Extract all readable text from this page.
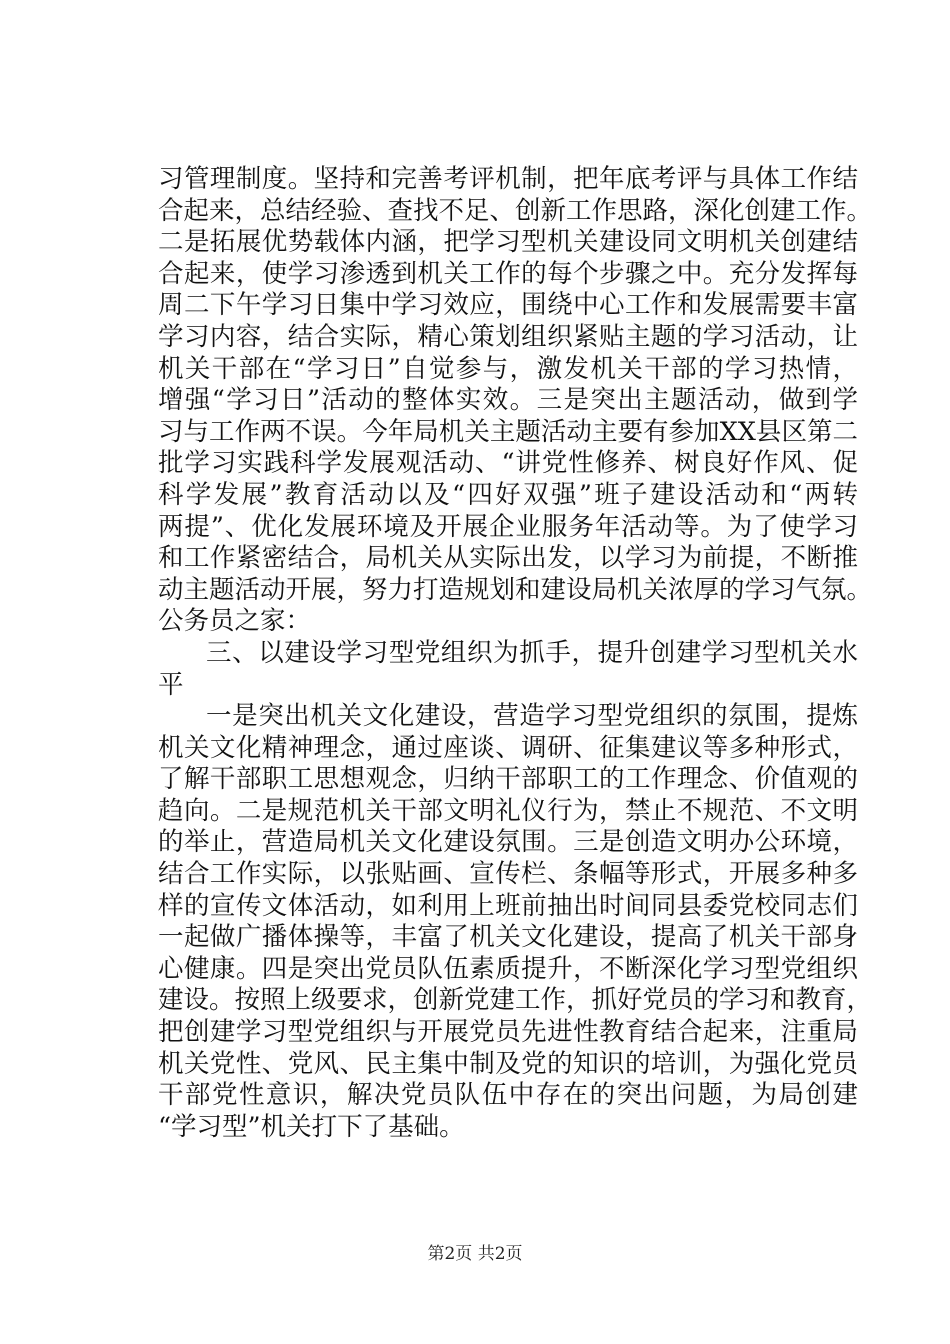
习管理制度。坚持和完善考评机制，把年底考评与具体工作结
合起来，总结经验、查找不足、创新工作思路，深化创建工作。
二是拓展优势载体内涵，把学习型机关建设同文明机关创建结
合起来，使学习渗透到机关工作的每个步骤之中。充分发挥每
周二下午学习日集中学习效应，围绕中心工作和发展需要丰富
学习内容，结合实际，精心策划组织紧贴主题的学习活动，让
机关干部在“学习日”自觉参与，激发机关干部的学习热情，
增强“学习日”活动的整体实效。三是突出主题活动，做到学
习与工作两不误。今年局机关主题活动主要有参加XX县区第二
批学习实践科学发展观活动、“讲党性修养、树良好作风、促
科学发展”教育活动以及“四好双强”班子建设活动和“两转
两提”、优化发展环境及开展企业服务年活动等。为了使学习
和工作紧密结合，局机关从实际出发，以学习为前提，不断推
动主题活动开展，努力打造规划和建设局机关浓厚的学习气氛。
公务员之家：
三、以建设学习型党组织为抓手，提升创建学习型机关水
平
一是突出机关文化建设，营造学习型党组织的氛围，提炼
机关文化精神理念，通过座谈、调研、征集建议等多种形式，
了解干部职工思想观念，归纳干部职工的工作理念、价值观的
趋向。二是规范机关干部文明礼仪行为，禁止不规范、不文明
的举止，营造局机关文化建设氛围。三是创造文明办公环境，
结合工作实际，以张贴画、宣传栏、条幅等形式，开展多种多
样的宣传文体活动，如利用上班前抽出时间同县委党校同志们
一起做广播体操等，丰富了机关文化建设，提高了机关干部身
心健康。四是突出党员队伍素质提升，不断深化学习型党组织
建设。按照上级要求，创新党建工作，抓好党员的学习和教育，
把创建学习型党组织与开展党员先进性教育结合起来，注重局
机关党性、党风、民主集中制及党的知识的培训，为强化党员
干部党性意识，解决党员队伍中存在的突出问题，为局创建
“学习型”机关打下了基础。
第2页 共2页
